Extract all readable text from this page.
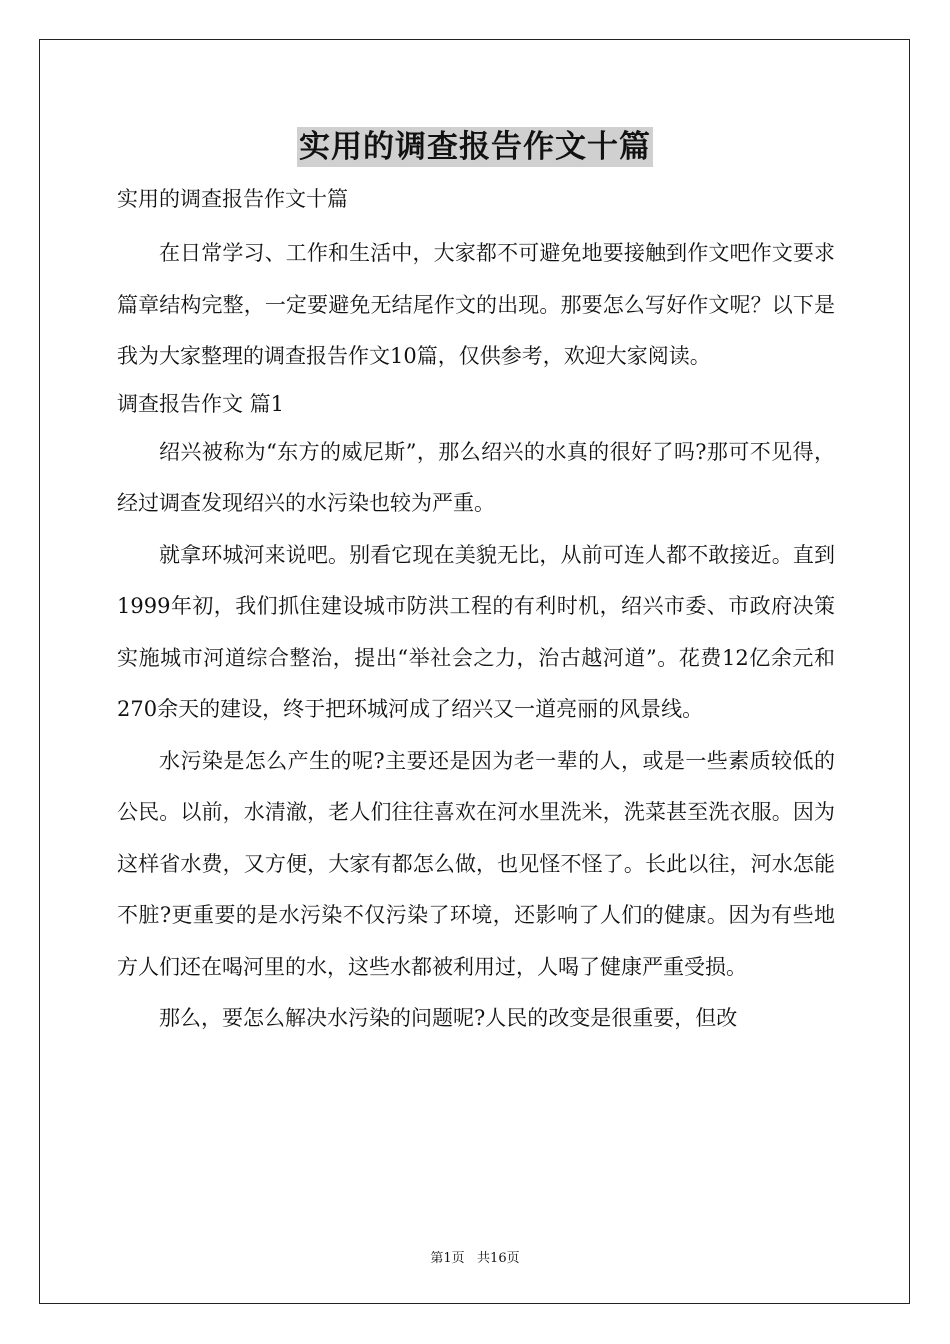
实用的调查报告作文十篇

实用的调查报告作文十篇

在日常学习、工作和生活中，大家都不可避免地要接触到作文吧作文要求篇章结构完整，一定要避免无结尾作文的出现。那要怎么写好作文呢？以下是我为大家整理的调查报告作文10篇，仅供参考，欢迎大家阅读。

调查报告作文 篇1

绍兴被称为“东方的威尼斯”，那么绍兴的水真的很好了吗?那可不见得，经过调查发现绍兴的水污染也较为严重。

就拿环城河来说吧。别看它现在美貌无比，从前可连人都不敢接近。直到1999年初，我们抓住建设城市防洪工程的有利时机，绍兴市委、市政府决策实施城市河道综合整治，提出“举社会之力，治古越河道”。花费12亿余元和270余天的建设，终于把环城河成了绍兴又一道亮丽的风景线。

水污染是怎么产生的呢?主要还是因为老一辈的人，或是一些素质较低的公民。以前，水清澈，老人们往往喜欢在河水里洗米，洗菜甚至洗衣服。因为这样省水费，又方便，大家有都怎么做，也见怪不怪了。长此以往，河水怎能不脏?更重要的是水污染不仅污染了环境，还影响了人们的健康。因为有些地方人们还在喝河里的水，这些水都被利用过，人喝了健康严重受损。

那么，要怎么解决水污染的问题呢?人民的改变是很重要，但改

第1页   共16页
